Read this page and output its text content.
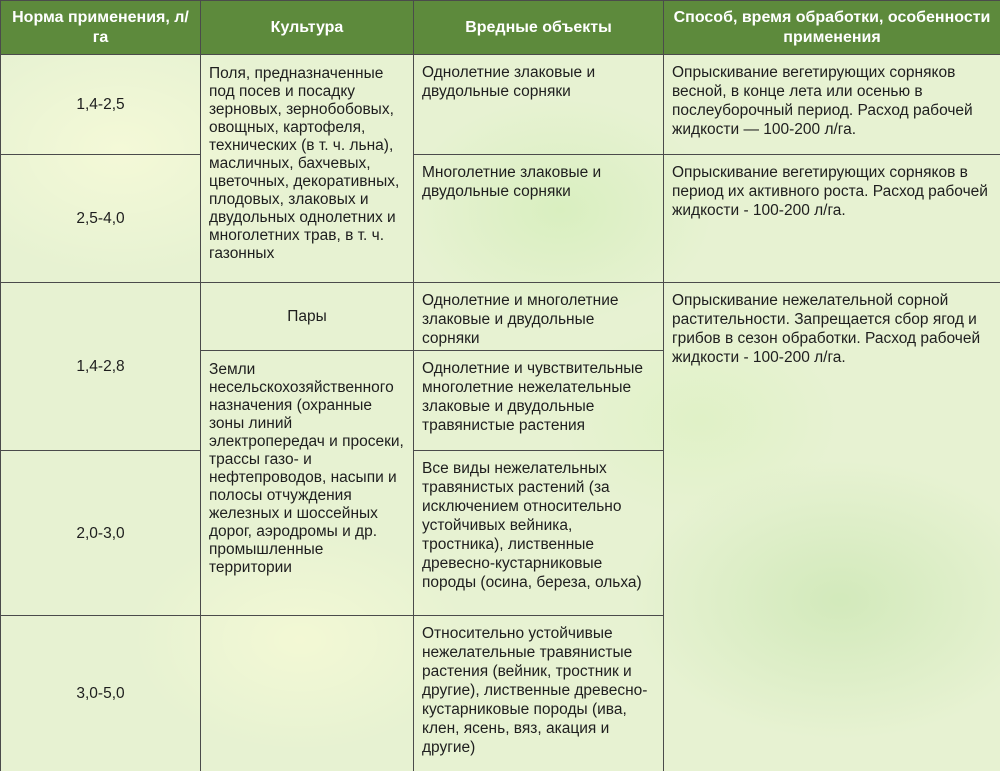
Норма применения, л/га	Культура	Вредные объекты	Способ, время обработки, особенности применения
1,4-2,5	Поля, предназначенные под посев и посадку зерновых, зернобобовых, овощных, картофеля, технических (в т. ч. льна), масличных, бахчевых, цветочных, декоративных, плодовых, злаковых и двудольных однолетних и многолетних трав, в т. ч. газонных	Однолетние злаковые и двудольные сорняки	Опрыскивание вегетирующих сорняков весной, в конце лета или осенью в послеуборочный период. Расход рабочей жидкости — 100-200 л/га.
2,5-4,0		Многолетние злаковые и двудольные сорняки	Опрыскивание вегетирующих сорняков в период их активного роста. Расход рабочей жидкости - 100-200 л/га.
1,4-2,8	Пары	Однолетние и многолетние злаковые и двудольные сорняки	Опрыскивание нежелательной сорной растительности. Запрещается сбор ягод и грибов в сезон обработки. Расход рабочей жидкости - 100-200 л/га.
	Земли несельскохозяйственного назначения (охранные зоны линий электропередач и просеки, трассы газо- и нефтепроводов, насыпи и полосы отчуждения железных и шоссейных дорог, аэродромы и др. промышленные территории	Однолетние и чувствительные многолетние нежелательные злаковые и двудольные травянистые растения	
2,0-3,0		Все виды нежелательных травянистых растений (за исключением относительно устойчивых вейника, тростника), лиственные древесно-кустарниковые породы (осина, береза, ольха)	

3,0-5,0		Относительно устойчивые нежелательные травянистые растения (вейник, тростник и другие), лиственные древесно-кустарниковые породы (ива, клен, ясень, вяз, акация и другие)	
